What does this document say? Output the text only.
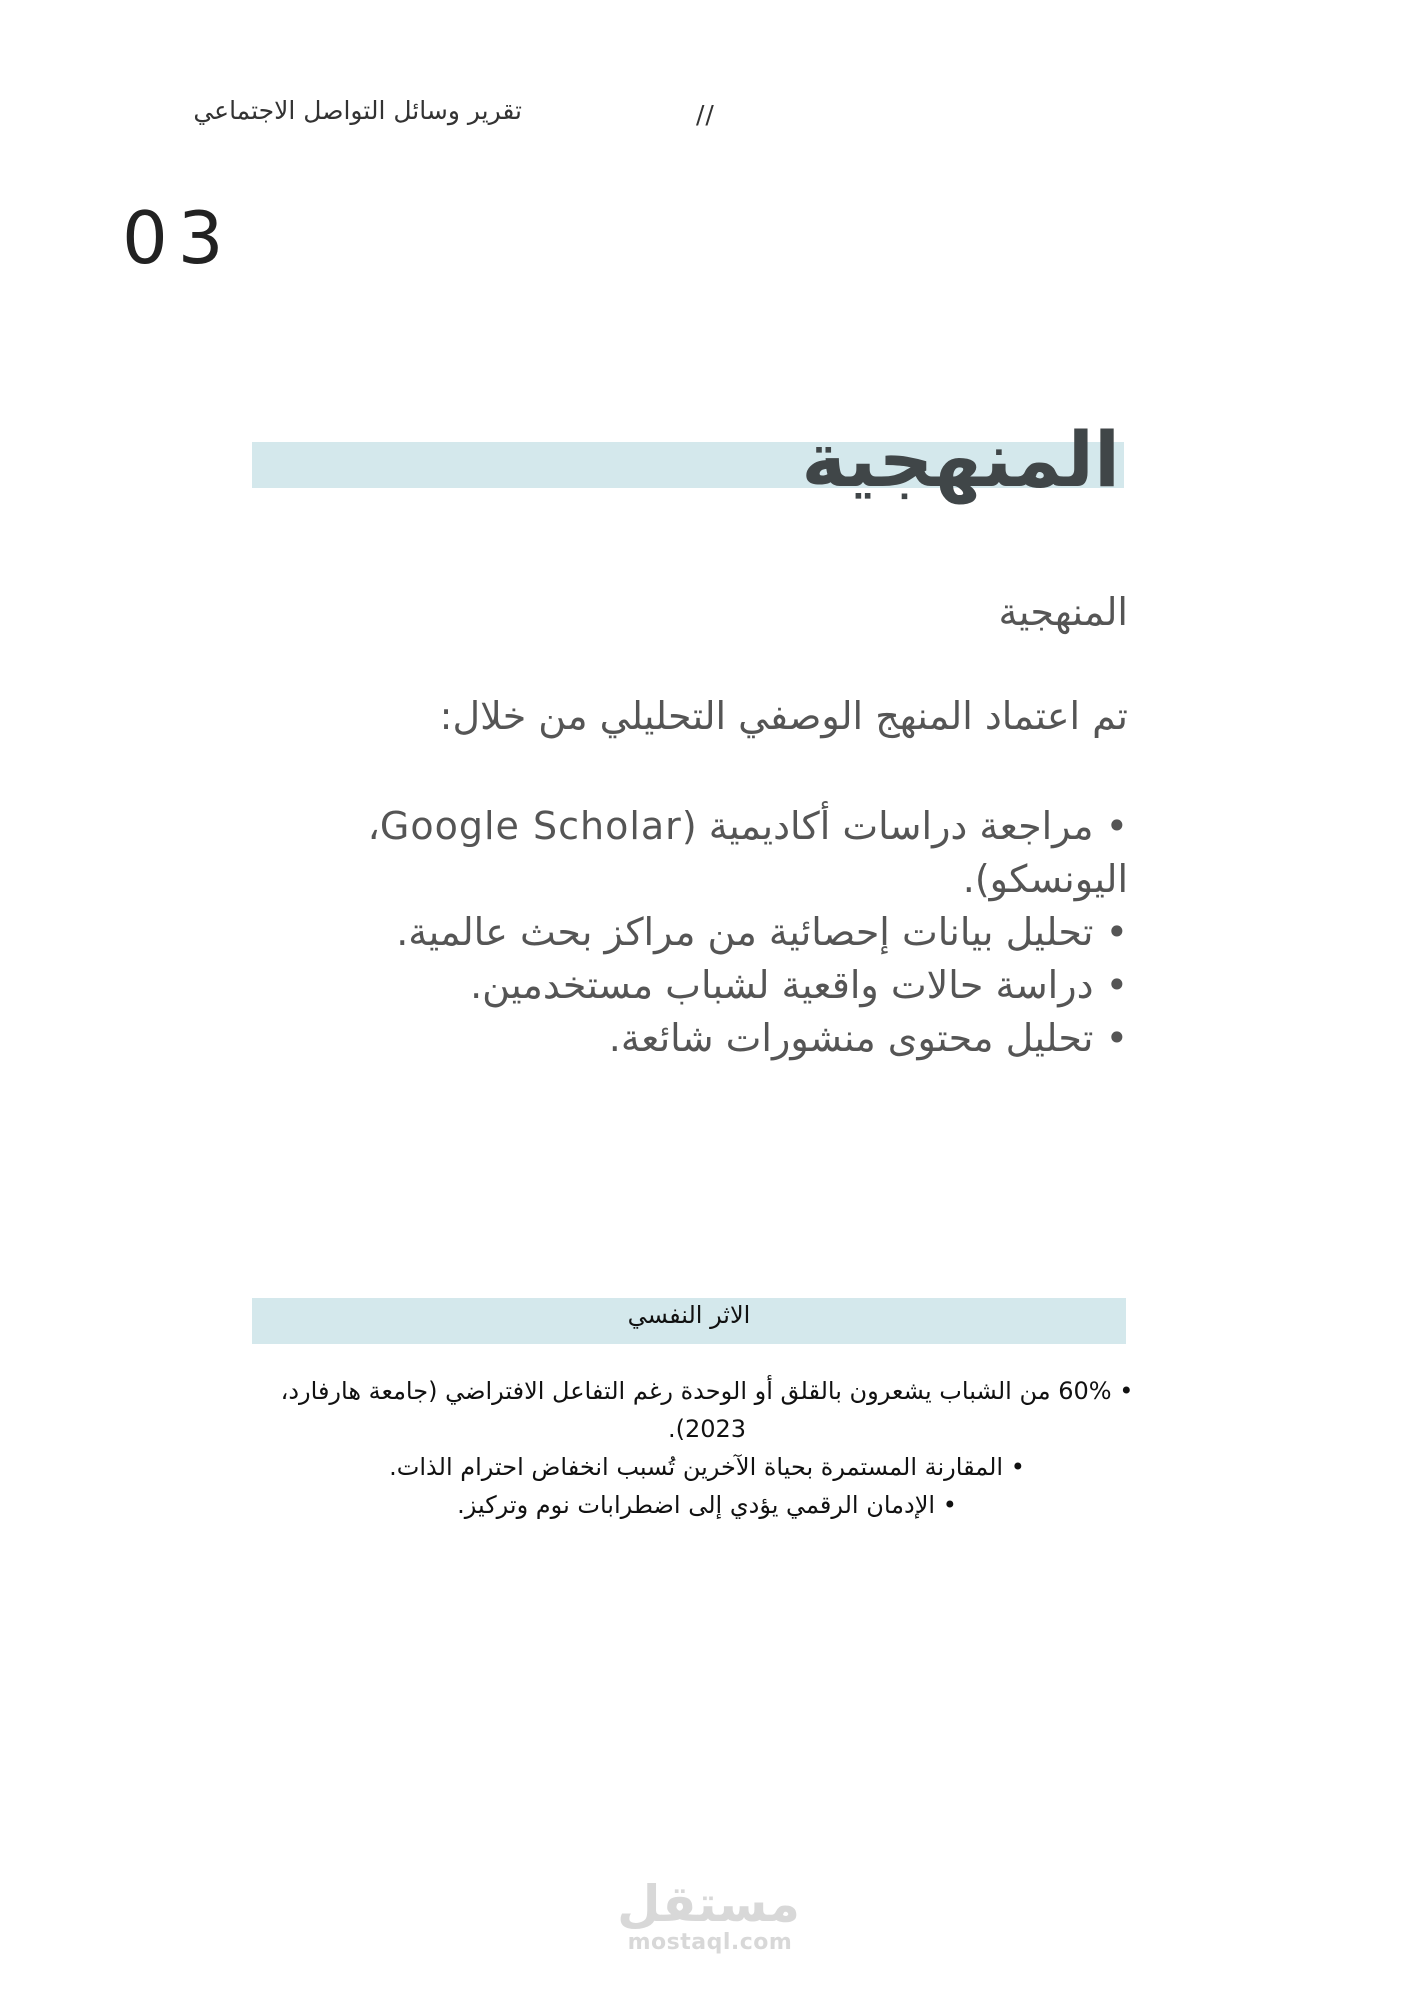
تقرير وسائل التواصل الاجتماعي	//
03
المنهجية
المنهجية
تم اعتماد المنهج الوصفي التحليلي من خلال:
• مراجعة دراسات أكاديمية (Google Scholar، اليونسكو).
• تحليل بيانات إحصائية من مراكز بحث عالمية.
• دراسة حالات واقعية لشباب مستخدمين.
• تحليل محتوى منشورات شائعة.
الاثر النفسي
• 60% من الشباب يشعرون بالقلق أو الوحدة رغم التفاعل الافتراضي (جامعة هارفارد، 2023).
• المقارنة المستمرة بحياة الآخرين تُسبب انخفاض احترام الذات.
• الإدمان الرقمي يؤدي إلى اضطرابات نوم وتركيز.
مستقل
mostaql.com
